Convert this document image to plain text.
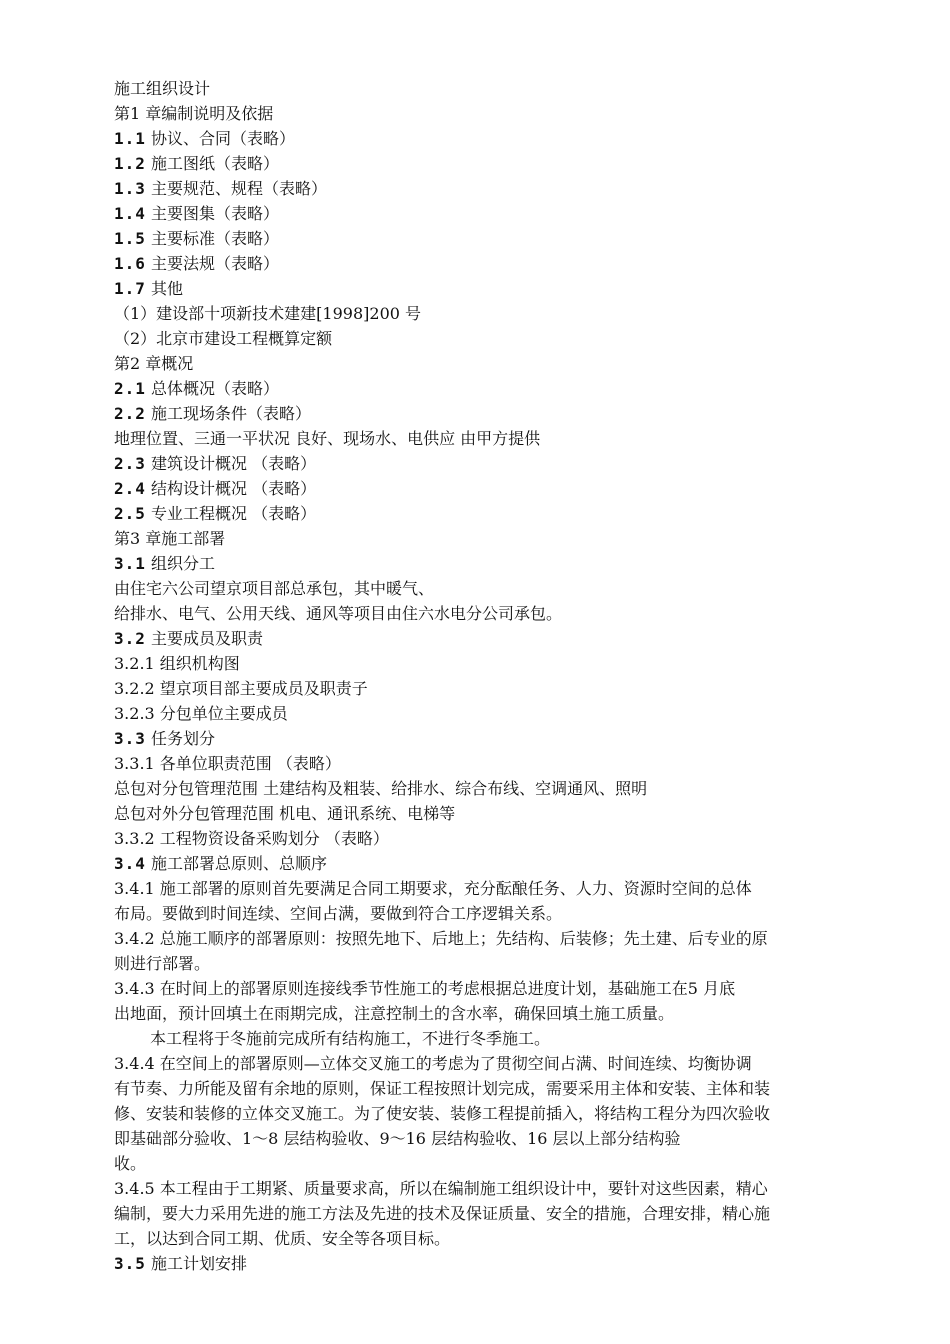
施工组织设计
第1 章编制说明及依据
1.1 协议、合同（表略）
1.2 施工图纸（表略）
1.3 主要规范、规程（表略）
1.4 主要图集（表略）
1.5 主要标准（表略）
1.6 主要法规（表略）
1.7 其他
（1）建设部十项新技术建建[1998]200 号
（2）北京市建设工程概算定额
第2 章概况
2.1 总体概况（表略）
2.2 施工现场条件（表略）
地理位置、三通一平状况 良好、现场水、电供应 由甲方提供
2.3 建筑设计概况 （表略）
2.4 结构设计概况 （表略）
2.5 专业工程概况 （表略）
第3 章施工部署
3.1 组织分工
由住宅六公司望京项目部总承包，其中暖气、
给排水、电气、公用天线、通风等项目由住六水电分公司承包。
3.2 主要成员及职责
3.2.1 组织机构图
3.2.2 望京项目部主要成员及职责子
3.2.3 分包单位主要成员
3.3 任务划分
3.3.1 各单位职责范围 （表略）
总包对分包管理范围 土建结构及粗装、给排水、综合布线、空调通风、照明
总包对外分包管理范围 机电、通讯系统、电梯等
3.3.2 工程物资设备采购划分 （表略）
3.4 施工部署总原则、总顺序
3.4.1 施工部署的原则首先要满足合同工期要求，充分酝酿任务、人力、资源时空间的总体
布局。要做到时间连续、空间占满，要做到符合工序逻辑关系。
3.4.2 总施工顺序的部署原则：按照先地下、后地上；先结构、后装修；先土建、后专业的原
则进行部署。
3.4.3 在时间上的部署原则连接线季节性施工的考虑根据总进度计划，基础施工在5 月底
出地面，预计回填土在雨期完成，注意控制土的含水率，确保回填土施工质量。
本工程将于冬施前完成所有结构施工，不进行冬季施工。
3.4.4 在空间上的部署原则—立体交叉施工的考虑为了贯彻空间占满、时间连续、均衡协调
有节奏、力所能及留有余地的原则，保证工程按照计划完成，需要采用主体和安装、主体和装
修、安装和装修的立体交叉施工。为了使安装、装修工程提前插入，将结构工程分为四次验收
即基础部分验收、1～8 层结构验收、9～16 层结构验收、16 层以上部分结构验
收。
3.4.5 本工程由于工期紧、质量要求高，所以在编制施工组织设计中，要针对这些因素，精心
编制，要大力采用先进的施工方法及先进的技术及保证质量、安全的措施，合理安排，精心施
工，以达到合同工期、优质、安全等各项目标。
3.5 施工计划安排
